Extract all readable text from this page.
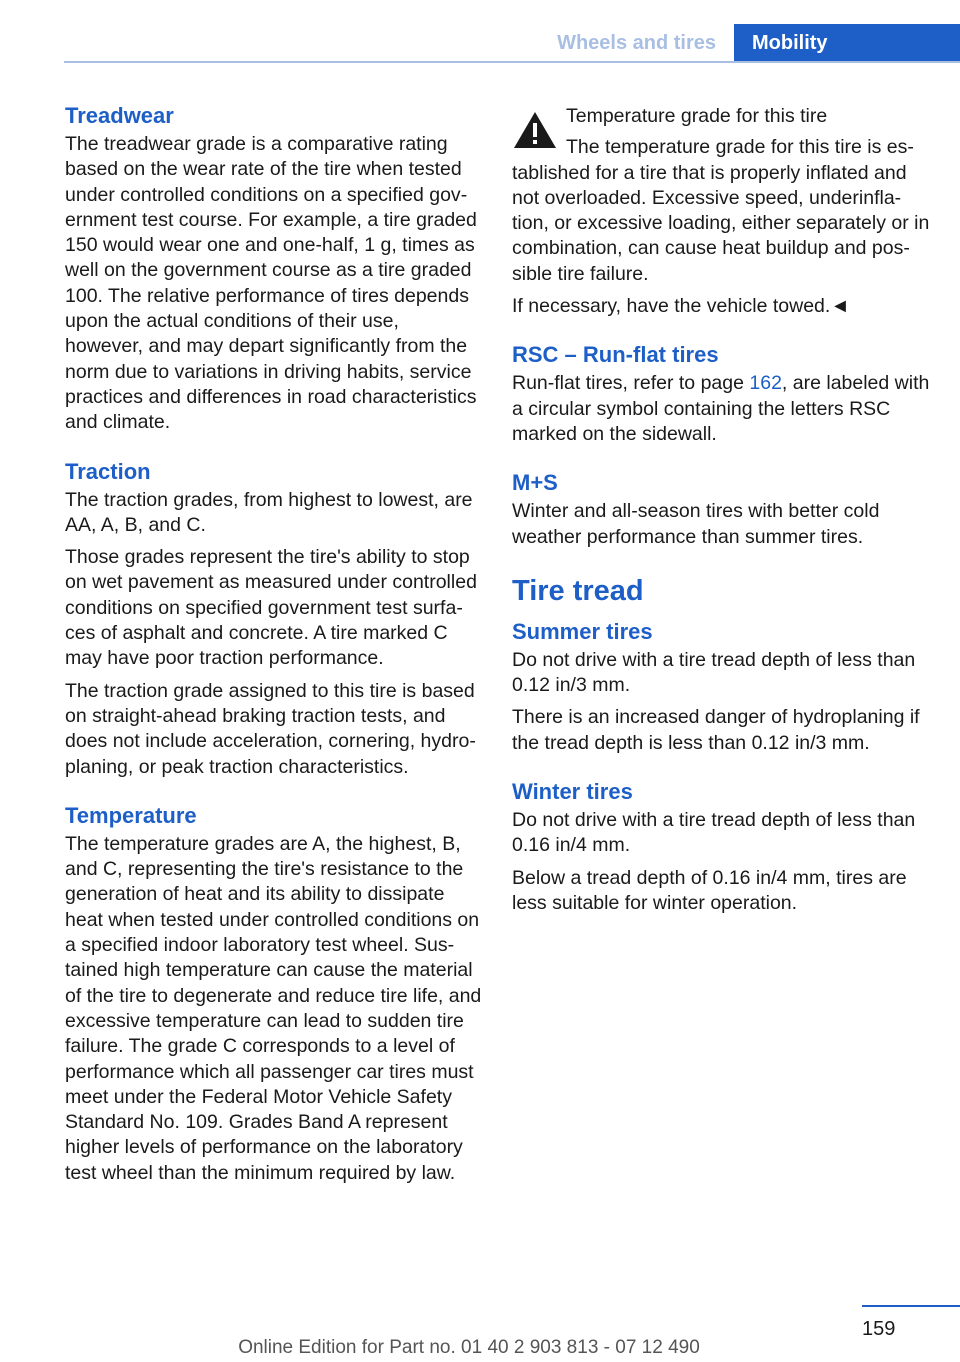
Wheels and tires	Mobility
Treadwear

The treadwear grade is a comparative rating based on the wear rate of the tire when tested under controlled conditions on a specified government test course. For example, a tire graded 150 would wear one and one-half, 1 g, times as well on the government course as a tire graded 100. The relative performance of tires depends upon the actual conditions of their use, however, and may depart significantly from the norm due to variations in driving habits, service practices and differences in road characteristics and climate.

Traction

The traction grades, from highest to lowest, are AA, A, B, and C.

Those grades represent the tire's ability to stop on wet pavement as measured under controlled conditions on specified government test surfaces of asphalt and concrete. A tire marked C may have poor traction performance.

The traction grade assigned to this tire is based on straight-ahead braking traction tests, and does not include acceleration, cornering, hydroplaning, or peak traction characteristics.

Temperature

The temperature grades are A, the highest, B, and C, representing the tire's resistance to the generation of heat and its ability to dissipate heat when tested under controlled conditions on a specified indoor laboratory test wheel. Sustained high temperature can cause the material of the tire to degenerate and reduce tire life, and excessive temperature can lead to sudden tire failure. The grade C corresponds to a level of performance which all passenger car tires must meet under the Federal Motor Vehicle Safety Standard No. 109. Grades Band A represent higher levels of performance on the laboratory test wheel than the minimum required by law.

Temperature grade for this tire

The temperature grade for this tire is established for a tire that is properly inflated and not overloaded. Excessive speed, underinflation, or excessive loading, either separately or in combination, can cause heat buildup and possible tire failure.

If necessary, have the vehicle towed.◄

RSC – Run-flat tires

Run-flat tires, refer to page 162, are labeled with a circular symbol containing the letters RSC marked on the sidewall.

M+S

Winter and all-season tires with better cold weather performance than summer tires.

Tire tread
Summer tires

Do not drive with a tire tread depth of less than 0.12 in/3 mm.

There is an increased danger of hydroplaning if the tread depth is less than 0.12 in/3 mm.

Winter tires

Do not drive with a tire tread depth of less than 0.16 in/4 mm.

Below a tread depth of 0.16 in/4 mm, tires are less suitable for winter operation.

159
Online Edition for Part no. 01 40 2 903 813 - 07 12 490
